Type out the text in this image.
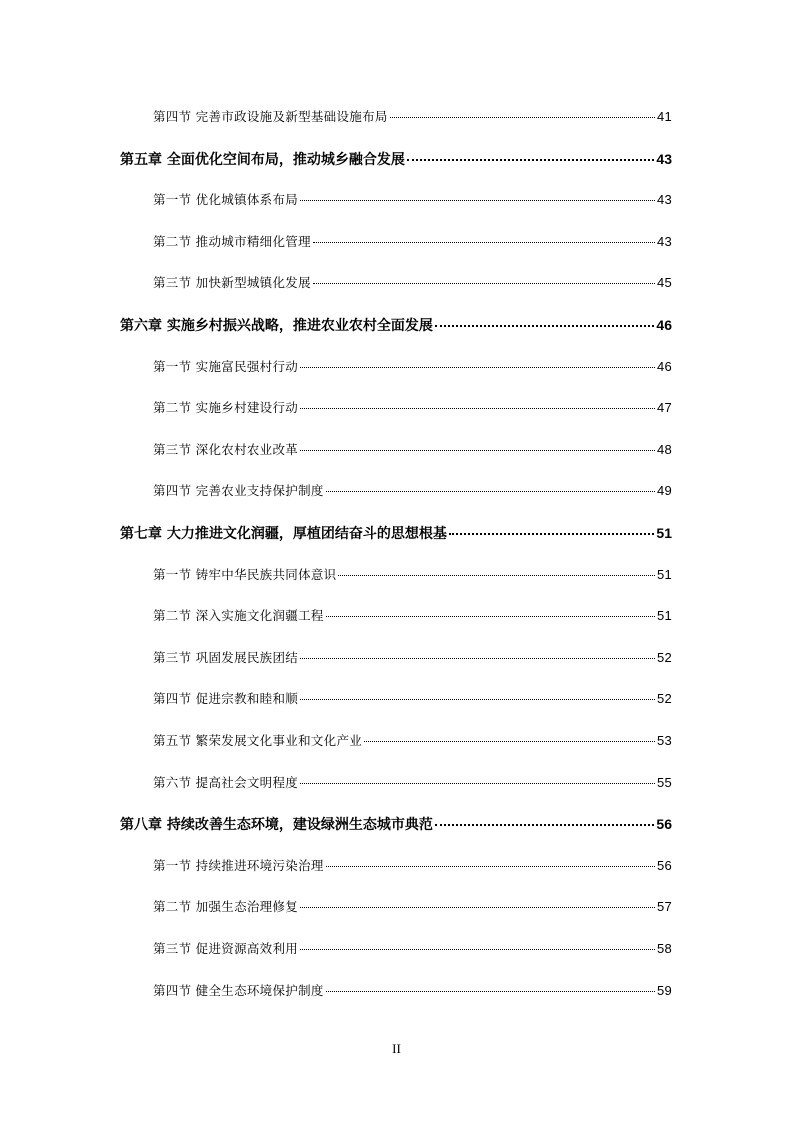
第四节 完善市政设施及新型基础设施布局	41
第五章 全面优化空间布局，推动城乡融合发展	43
第一节 优化城镇体系布局	43
第二节 推动城市精细化管理	43
第三节 加快新型城镇化发展	45
第六章 实施乡村振兴战略，推进农业农村全面发展	46
第一节 实施富民强村行动	46
第二节 实施乡村建设行动	47
第三节 深化农村农业改革	48
第四节 完善农业支持保护制度	49
第七章 大力推进文化润疆，厚植团结奋斗的思想根基	51
第一节 铸牢中华民族共同体意识	51
第二节 深入实施文化润疆工程	51
第三节 巩固发展民族团结	52
第四节 促进宗教和睦和顺	52
第五节 繁荣发展文化事业和文化产业	53
第六节 提高社会文明程度	55
第八章 持续改善生态环境，建设绿洲生态城市典范	56
第一节 持续推进环境污染治理	56
第二节 加强生态治理修复	57
第三节 促进资源高效利用	58
第四节 健全生态环境保护制度	59
II
